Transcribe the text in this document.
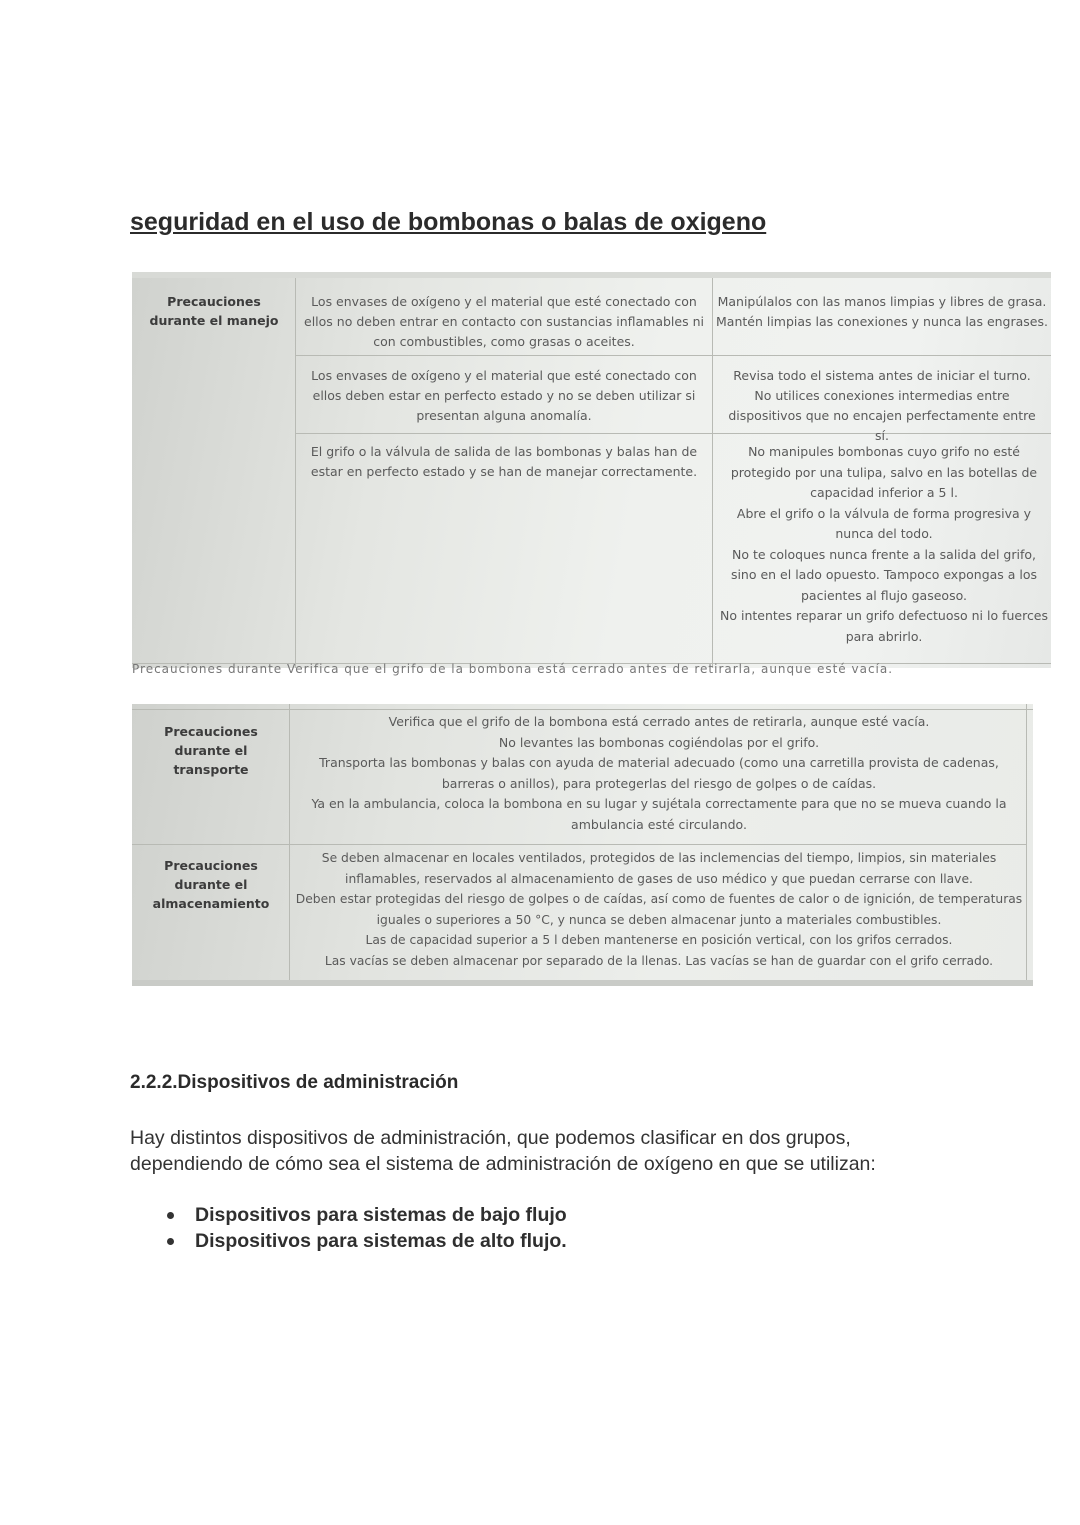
seguridad en el uso de bombonas o balas de oxigeno
Precauciones durante el manejo
Los envases de oxígeno y el material que esté conectado con ellos no deben entrar en contacto con sustancias inflamables ni con combustibles, como grasas o aceites.

Manipúlalos con las manos limpias y libres de grasa.

Mantén limpias las conexiones y nunca las engrases.

Los envases de oxígeno y el material que esté conectado con ellos deben estar en perfecto estado y no se deben utilizar si presentan alguna anomalía.

Revisa todo el sistema antes de iniciar el turno.

No utilices conexiones intermedias entre dispositivos que no encajen perfectamente entre sí.

El grifo o la válvula de salida de las bombonas y balas han de estar en perfecto estado y se han de manejar correctamente.

No manipules bombonas cuyo grifo no esté protegido por una tulipa, salvo en las botellas de capacidad inferior a 5 l.

Abre el grifo o la válvula de forma progresiva y nunca del todo.

No te coloques nunca frente a la salida del grifo, sino en el lado opuesto. Tampoco expongas a los pacientes al flujo gaseoso.

No intentes reparar un grifo defectuoso ni lo fuerces para abrirlo.

Precauciones durante Verifica que el grifo de la bombona está cerrado antes de retirarla, aunque esté vacía.
Precauciones durante el transporte

Verifica que el grifo de la bombona está cerrado antes de retirarla, aunque esté vacía.

No levantes las bombonas cogiéndolas por el grifo.

Transporta las bombonas y balas con ayuda de material adecuado (como una carretilla provista de cadenas, barreras o anillos), para protegerlas del riesgo de golpes o de caídas.

Ya en la ambulancia, coloca la bombona en su lugar y sujétala correctamente para que no se mueva cuando la ambulancia esté circulando.

Precauciones durante el almacenamiento

Se deben almacenar en locales ventilados, protegidos de las inclemencias del tiempo, limpios, sin materiales inflamables, reservados al almacenamiento de gases de uso médico y que puedan cerrarse con llave.

Deben estar protegidas del riesgo de golpes o de caídas, así como de fuentes de calor o de ignición, de temperaturas iguales o superiores a 50 °C, y nunca se deben almacenar junto a materiales combustibles.

Las de capacidad superior a 5 l deben mantenerse en posición vertical, con los grifos cerrados.

Las vacías se deben almacenar por separado de la llenas. Las vacías se han de guardar con el grifo cerrado.

2.2.2.Dispositivos de administración

Hay distintos dispositivos de administración, que podemos clasificar en dos grupos, dependiendo de cómo sea el sistema de administración de oxígeno en que se utilizan:

Dispositivos para sistemas de bajo flujo
Dispositivos para sistemas de alto flujo.
